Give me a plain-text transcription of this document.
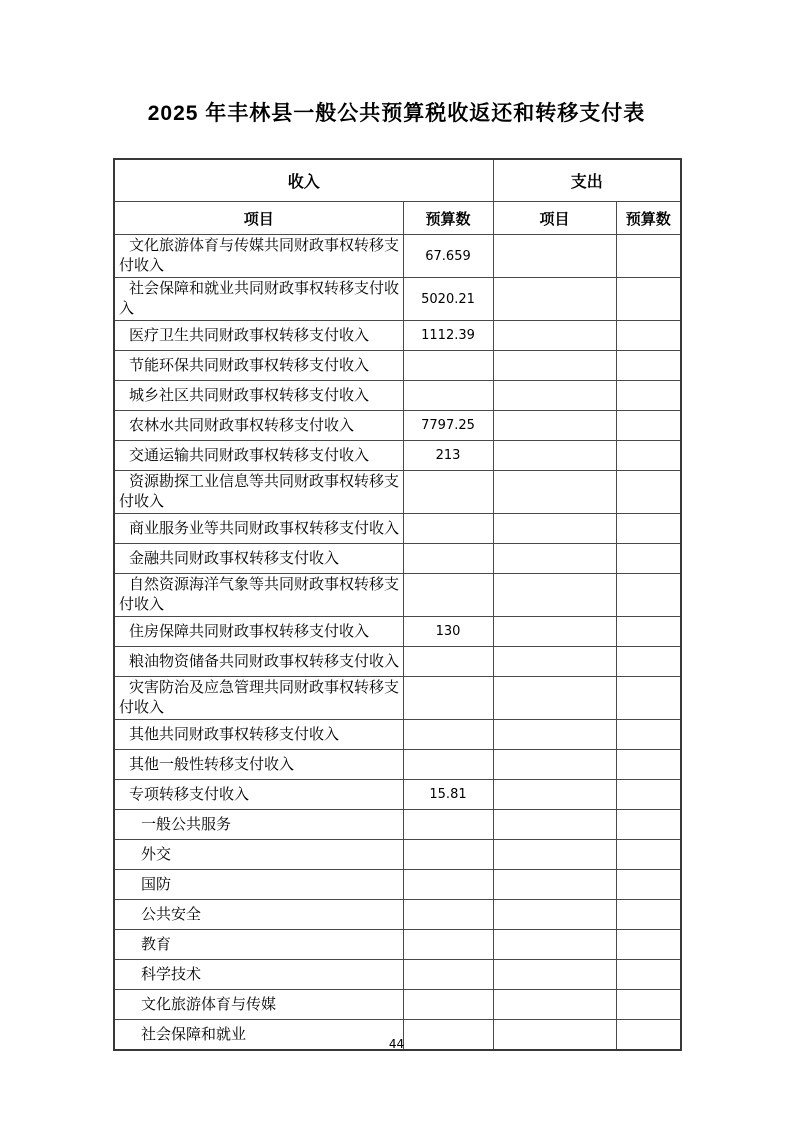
2025 年丰林县一般公共预算税收返还和转移支付表
收入		支出	
项目	预算数	项目	预算数
文化旅游体育与传媒共同财政事权转移支付收入	67.659		
社会保障和就业共同财政事权转移支付收入	5020.21		
医疗卫生共同财政事权转移支付收入	1112.39		
节能环保共同财政事权转移支付收入			
城乡社区共同财政事权转移支付收入			
农林水共同财政事权转移支付收入	7797.25		
交通运输共同财政事权转移支付收入	213		
资源勘探工业信息等共同财政事权转移支付收入			
商业服务业等共同财政事权转移支付收入			
金融共同财政事权转移支付收入			
自然资源海洋气象等共同财政事权转移支付收入			
住房保障共同财政事权转移支付收入	130		
粮油物资储备共同财政事权转移支付收入			
灾害防治及应急管理共同财政事权转移支付收入			
其他共同财政事权转移支付收入			
其他一般性转移支付收入			
专项转移支付收入	15.81		
一般公共服务			
外交			
国防			
公共安全			
教育			
科学技术			
文化旅游体育与传媒			
社会保障和就业			
44
